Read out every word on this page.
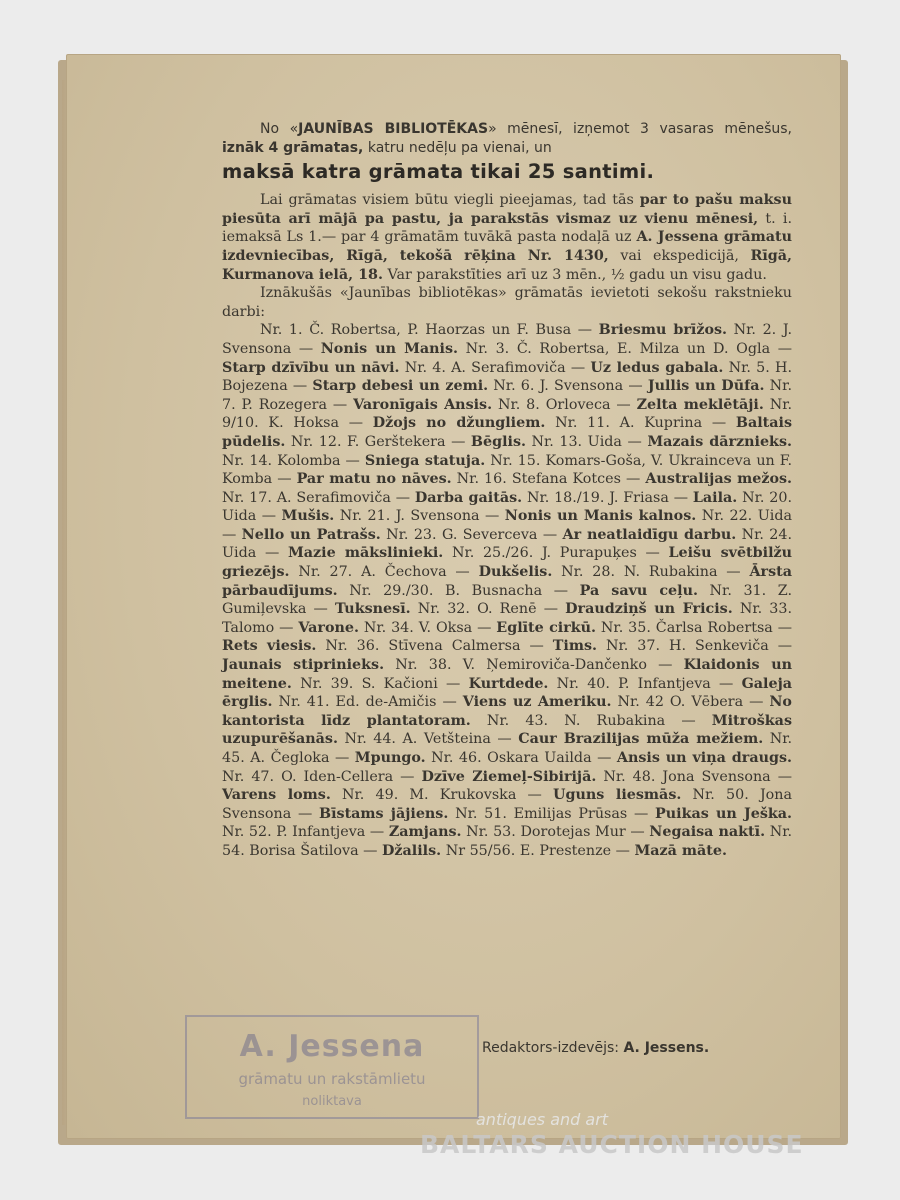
No «JAUNĪBAS BIBLIOTĒKAS» mēnesī, izņemot 3 vasaras mēnešus, iznāk 4 grāmatas, katru nedēļu pa vienai, un

maksā katra grāmata tikai 25 santimi.

Lai grāmatas visiem būtu viegli pieejamas, tad tās par to pašu maksu piesūta arī mājā pa pastu, ja parakstās vismaz uz vienu mēnesi, t. i. iemaksā Ls 1.— par 4 grāmatām tuvākā pasta nodaļā uz A. Jessena grāmatu izdevniecības, Rīgā, tekošā rēķina Nr. 1430, vai ekspedicijā, Rīgā, Kurmanova ielā, 18. Var parakstīties arī uz 3 mēn., ½ gadu un visu gadu.

Iznākušās «Jaunības bibliotēkas» grāmatās ievietoti sekošu rakstnieku darbi:

Nr. 1. Č. Robertsa, P. Haorzas un F. Busa — Briesmu brīžos. Nr. 2. J. Svensona — Nonis un Manis. Nr. 3. Č. Robertsa, E. Milza un D. Ogla — Starp dzīvību un nāvi. Nr. 4. A. Serafimoviča — Uz ledus gabala. Nr. 5. H. Bojezena — Starp debesi un zemi. Nr. 6. J. Svensona — Jullis un Dūfa. Nr. 7. P. Rozegera — Varonīgais Ansis. Nr. 8. Orloveca — Zelta meklētāji. Nr. 9/10. K. Hoksa — Džojs no džungliem. Nr. 11. A. Kuprina — Baltais pūdelis. Nr. 12. F. Gerštekera — Bēglis. Nr. 13. Uida — Mazais dārznieks. Nr. 14. Kolomba — Sniega statuja. Nr. 15. Komars-Goša, V. Ukrainceva un F. Komba — Par matu no nāves. Nr. 16. Stefana Kotces — Australijas mežos. Nr. 17. A. Serafimoviča — Darba gaitās. Nr. 18./19. J. Friasa — Laila. Nr. 20. Uida — Mušis. Nr. 21. J. Svensona — Nonis un Manis kalnos. Nr. 22. Uida — Nello un Patrašs. Nr. 23. G. Severceva — Ar neatlaidīgu darbu. Nr. 24. Uida — Mazie mākslinieki. Nr. 25./26. J. Purapuķes — Leišu svētbilžu griezējs. Nr. 27. A. Čechova — Dukšelis. Nr. 28. N. Rubakina — Ārsta pārbaudījums. Nr. 29./30. B. Busnacha — Pa savu ceļu. Nr. 31. Z. Gumiļevska — Tuksnesī. Nr. 32. O. Renē — Draudziņš un Fricis. Nr. 33. Talomo — Varone. Nr. 34. V. Oksa — Eglīte cirkū. Nr. 35. Čarlsa Robertsa — Rets viesis. Nr. 36. Stīvena Calmersa — Tims. Nr. 37. H. Senkeviča — Jaunais stiprinieks. Nr. 38. V. Ņemiroviča-Dančenko — Klaidonis un meitene. Nr. 39. S. Kačioni — Kurtdede. Nr. 40. P. Infantjeva — Galeja ērglis. Nr. 41. Ed. de-Amičis — Viens uz Ameriku. Nr. 42 O. Vēbera — No kantorista līdz plantatoram. Nr. 43. N. Rubakina — Mitroškas uzupurēšanās. Nr. 44. A. Vetšteina — Caur Brazilijas mūža mežiem. Nr. 45. A. Čegloka — Mpungo. Nr. 46. Oskara Uailda — Ansis un viņa draugs. Nr. 47. O. Iden-Cellera — Dzīve Ziemeļ-Sibirijā. Nr. 48. Jona Svensona — Varens loms. Nr. 49. M. Krukovska — Uguns liesmās. Nr. 50. Jona Svensona — Bīstams jājiens. Nr. 51. Emilijas Prūsas — Puikas un Ješka. Nr. 52. P. Infantjeva — Zamjans. Nr. 53. Dorotejas Mur — Negaisa naktī. Nr. 54. Borisa Šatilova — Džalils. Nr 55/56. E. Prestenze — Mazā māte.

A. Jessena
grāmatu un rakstāmlietu
noliktava
Redaktors-izdevējs: A. Jessens.
antiques and art
BALTARS AUCTION HOUSE
